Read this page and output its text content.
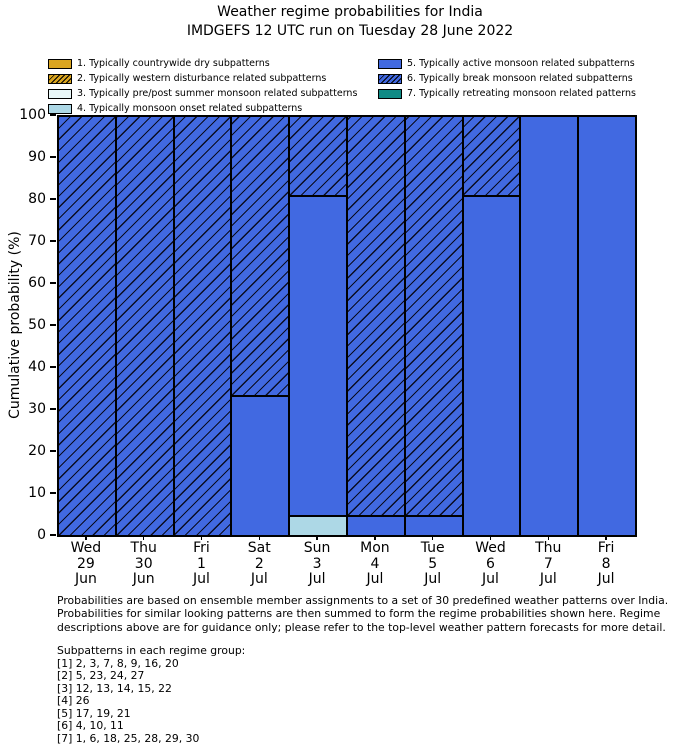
Weather regime probabilities for India
IMDGEFS 12 UTC run on Tuesday 28 June 2022
1. Typically countrywide dry subpatterns
2. Typically western disturbance related subpatterns
3. Typically pre/post summer monsoon related subpatterns
4. Typically monsoon onset related subpatterns
5. Typically active monsoon related subpatterns
6. Typically break monsoon related subpatterns
7. Typically retreating monsoon related patterns
Cumulative probability (%)
0
10
20
30
40
50
60
70
80
90
100
Wed
29
Jun
Thu
30
Jun
Fri
1
Jul
Sat
2
Jul
Sun
3
Jul
Mon
4
Jul
Tue
5
Jul
Wed
6
Jul
Thu
7
Jul
Fri
8
Jul
Probabilities are based on ensemble member assignments to a set of 30 predefined weather patterns over India. Probabilities for similar looking patterns are then summed to form the regime probabilities shown here. Regime descriptions above are for guidance only; please refer to the top-level weather pattern forecasts for more detail.
Subpatterns in each regime group:
[1] 2, 3, 7, 8, 9, 16, 20
[2] 5, 23, 24, 27
[3] 12, 13, 14, 15, 22
[4] 26
[5] 17, 19, 21
[6] 4, 10, 11
[7] 1, 6, 18, 25, 28, 29, 30
